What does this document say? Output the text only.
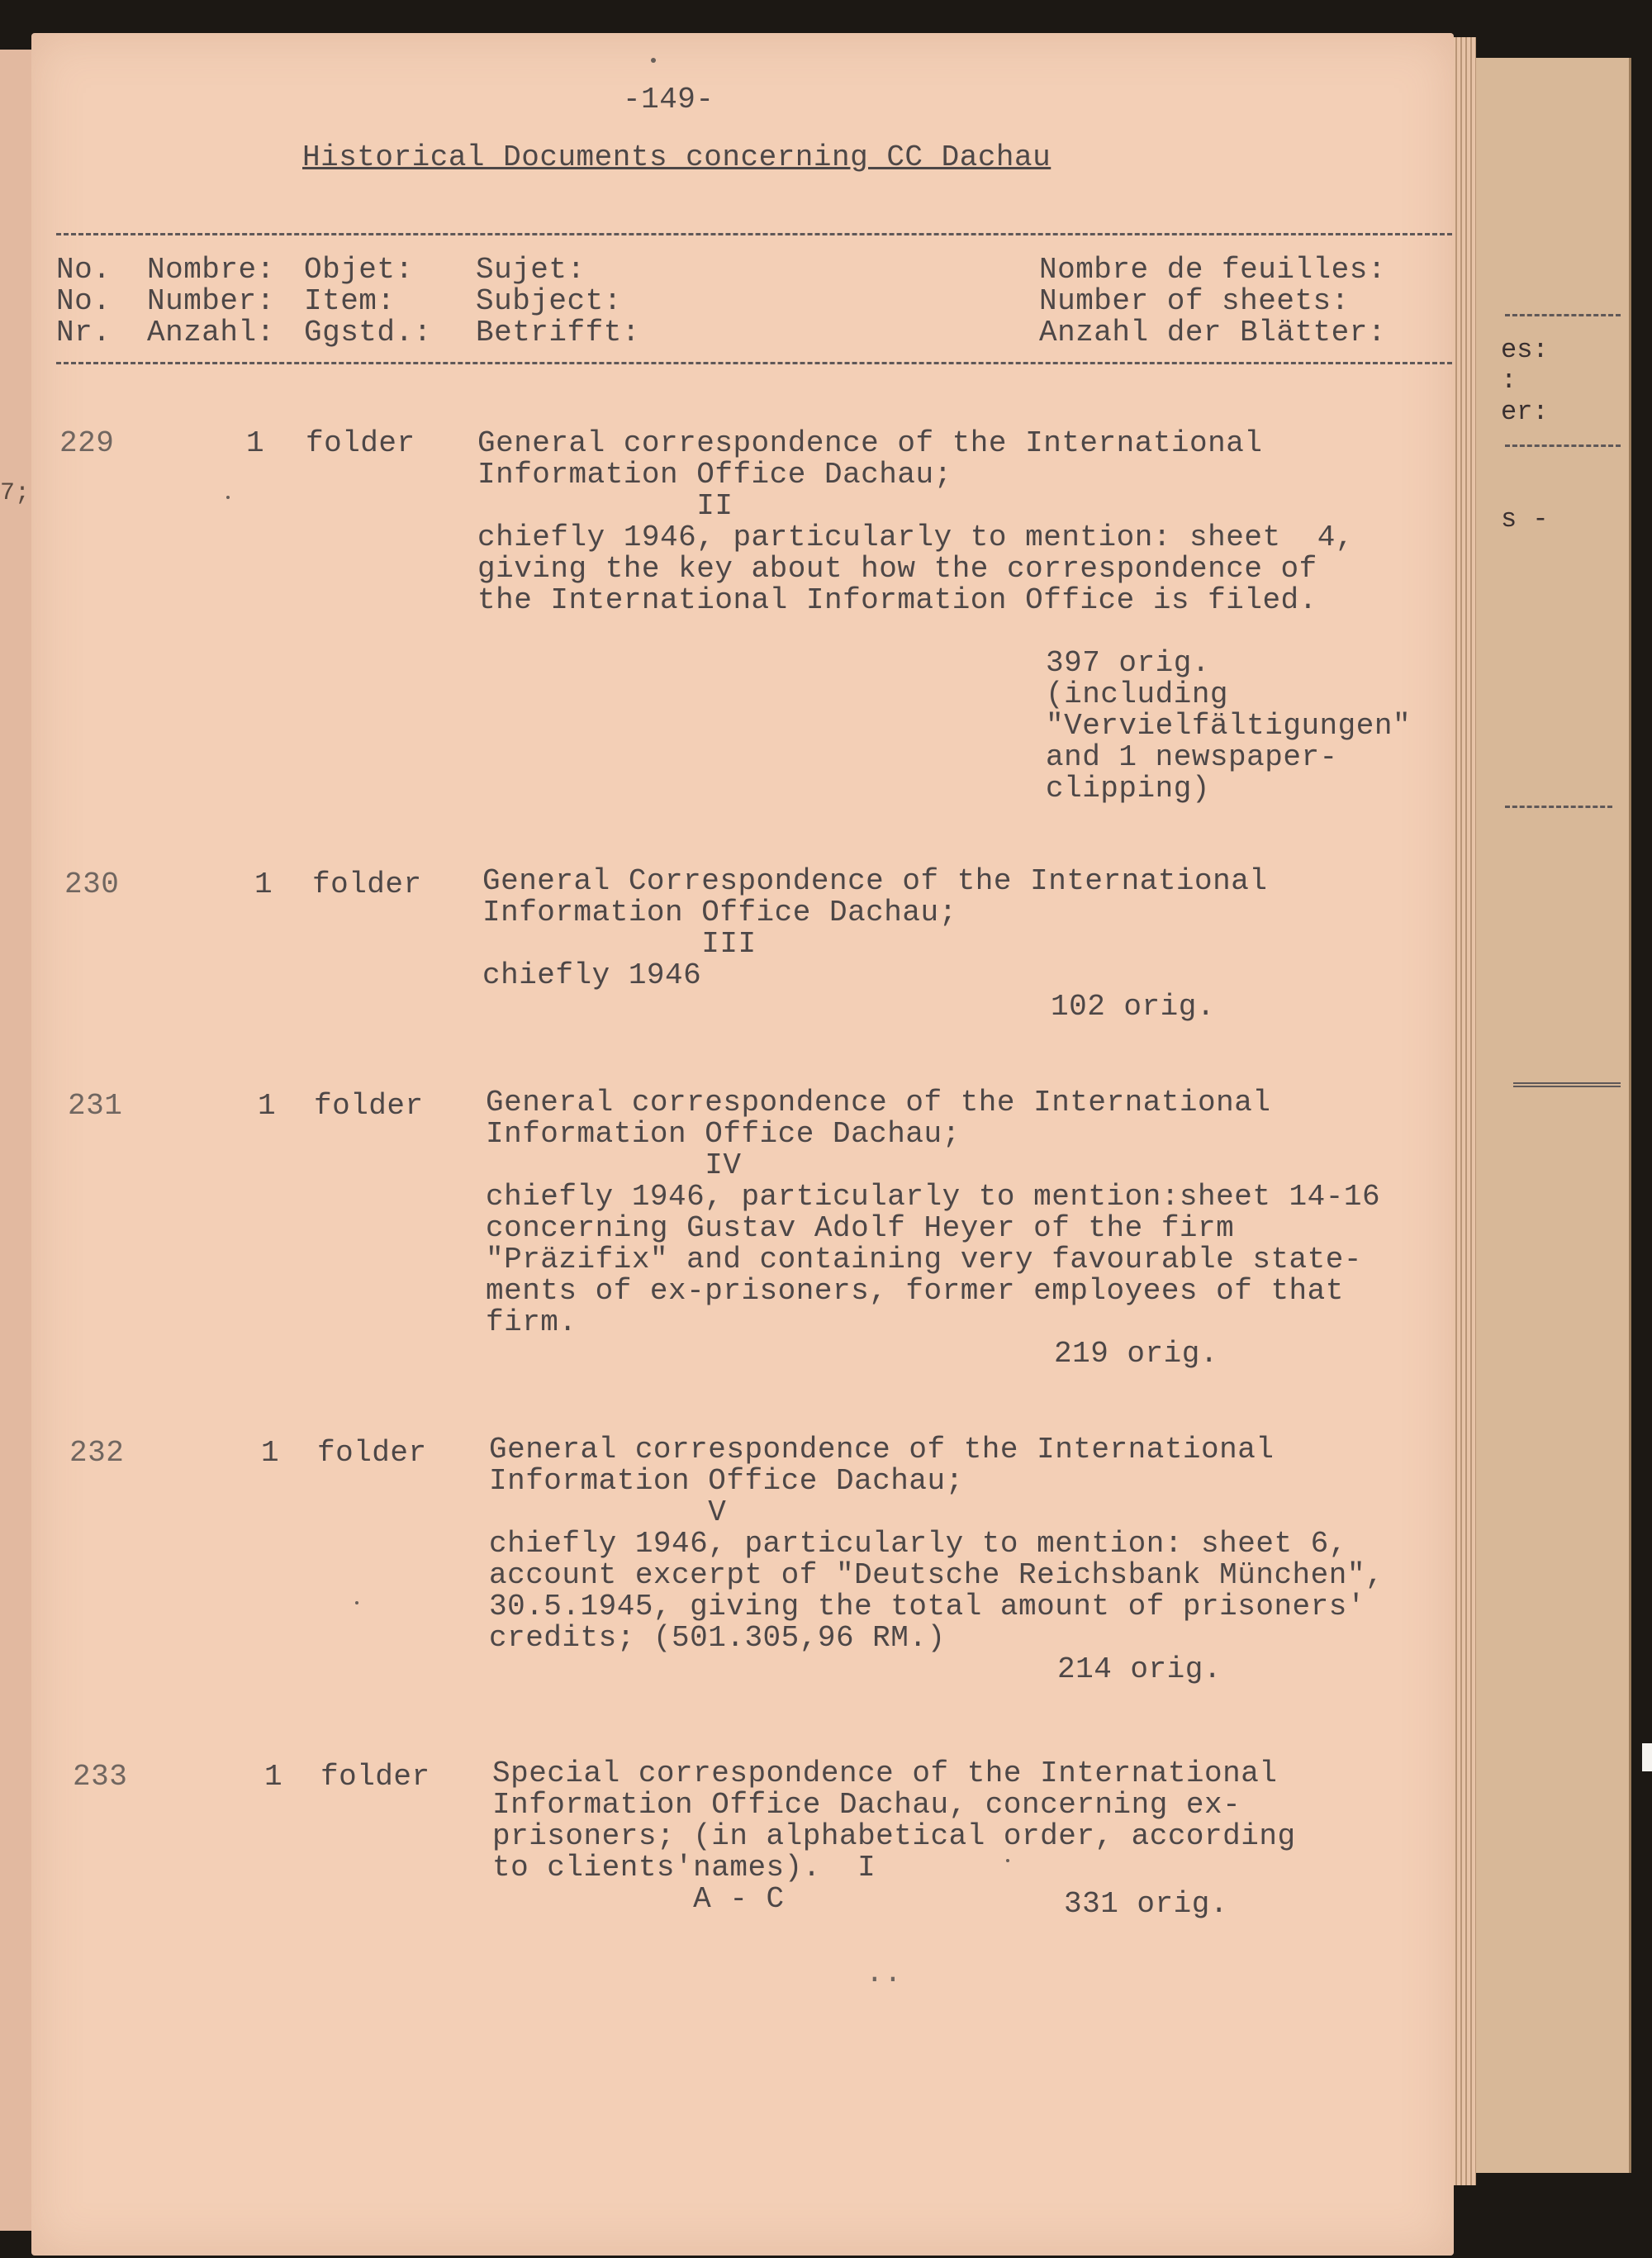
7;
es:
:
er:
s -
-149-
Historical Documents concerning CC Dachau
No. Nombre: Objet: Sujet:	Nombre de feuilles:
No. Number: Item:	Subject:	Number of sheets:
Nr. Anzahl: Ggstd.: Betrifft:	Anzahl der Blätter:
229	1 folder General correspondence of the International
Information Office Dachau;
II
chiefly 1946, particularly to mention: sheet  4,
giving the key about how the correspondence of
the International Information Office is filed.
397 orig.
(including
"Vervielfältigungen"
and 1 newspaper-
clipping)
230	1 folder General Correspondence of the International
Information Office Dachau;
III
chiefly 1946
102 orig.
231	1 folder General correspondence of the International
Information Office Dachau;
IV
chiefly 1946, particularly to mention:sheet 14-16
concerning Gustav Adolf Heyer of the firm
"Präzifix" and containing very favourable state-
ments of ex-prisoners, former employees of that
firm.
219 orig.
232	1 folder General correspondence of the International
Information Office Dachau;
V
chiefly 1946, particularly to mention: sheet 6,
account excerpt of "Deutsche Reichsbank München",
30.5.1945, giving the total amount of prisoners'
credits; (501.305,96 RM.)
214 orig.
233	1 folder Special correspondence of the International
Information Office Dachau, concerning ex-
prisoners; (in alphabetical order, according
to clients'names).  I
A - C	331 orig.
..
